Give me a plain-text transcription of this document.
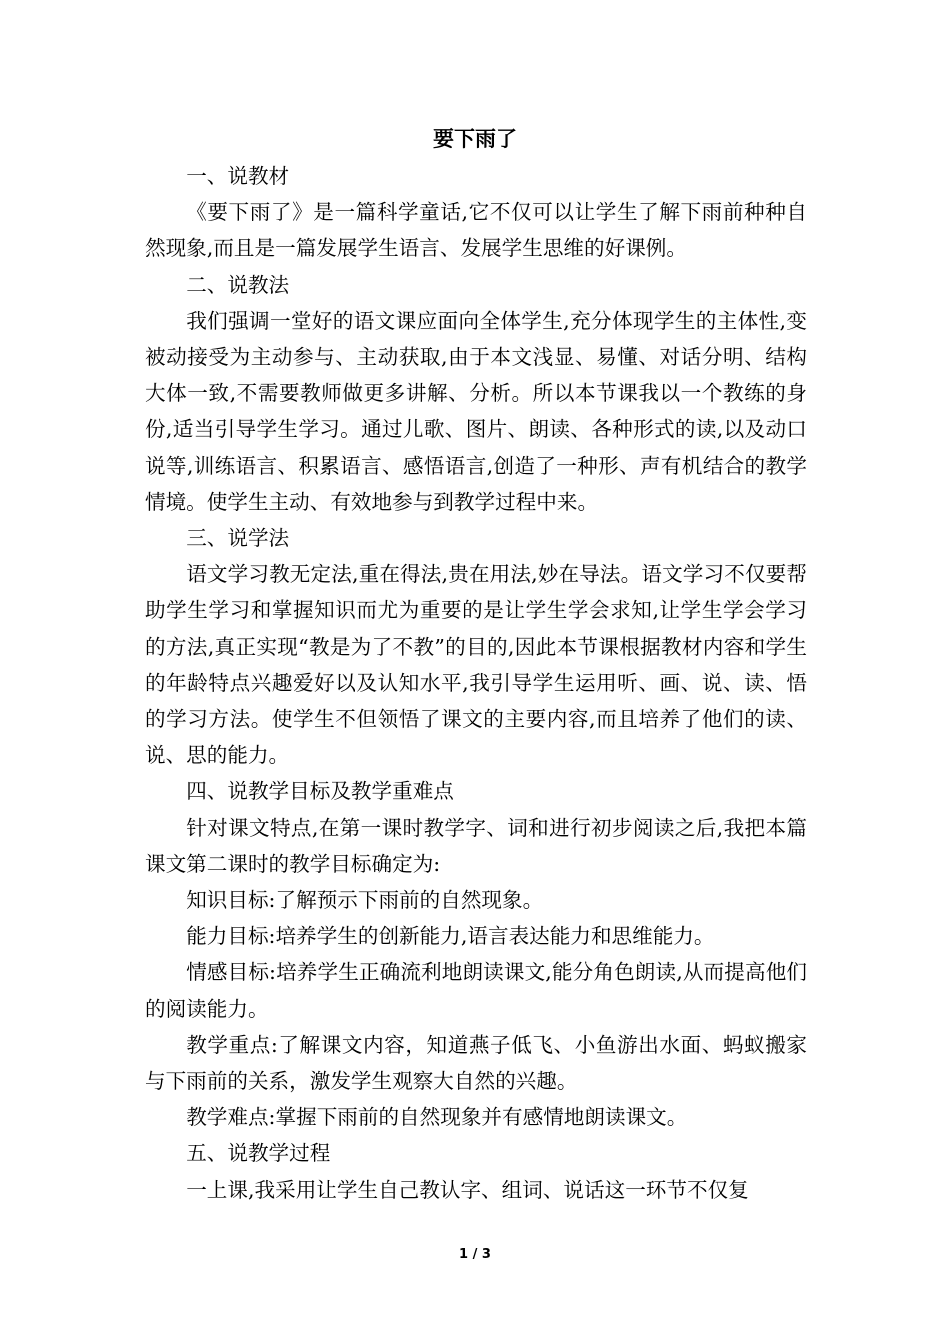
要下雨了

一、说教材

《要下雨了》是一篇科学童话,它不仅可以让学生了解下雨前种种自然现象,而且是一篇发展学生语言、发展学生思维的好课例。

二、说教法

我们强调一堂好的语文课应面向全体学生,充分体现学生的主体性,变被动接受为主动参与、主动获取,由于本文浅显、易懂、对话分明、结构大体一致,不需要教师做更多讲解、分析。所以本节课我以一个教练的身份,适当引导学生学习。通过儿歌、图片、朗读、各种形式的读,以及动口说等,训练语言、积累语言、感悟语言,创造了一种形、声有机结合的教学情境。使学生主动、有效地参与到教学过程中来。

三、说学法

语文学习教无定法,重在得法,贵在用法,妙在导法。语文学习不仅要帮助学生学习和掌握知识而尤为重要的是让学生学会求知,让学生学会学习的方法,真正实现“教是为了不教”的目的,因此本节课根据教材内容和学生的年龄特点兴趣爱好以及认知水平,我引导学生运用听、画、说、读、悟的学习方法。使学生不但领悟了课文的主要内容,而且培养了他们的读、说、思的能力。

四、说教学目标及教学重难点

针对课文特点,在第一课时教学字、词和进行初步阅读之后,我把本篇课文第二课时的教学目标确定为:

知识目标:了解预示下雨前的自然现象。

能力目标:培养学生的创新能力,语言表达能力和思维能力。

情感目标:培养学生正确流利地朗读课文,能分角色朗读,从而提高他们的阅读能力。

教学重点:了解课文内容，知道燕子低飞、小鱼游出水面、蚂蚁搬家与下雨前的关系，激发学生观察大自然的兴趣。

教学难点:掌握下雨前的自然现象并有感情地朗读课文。

五、说教学过程

一上课,我采用让学生自己教认字、组词、说话这一环节不仅复

1 / 3
